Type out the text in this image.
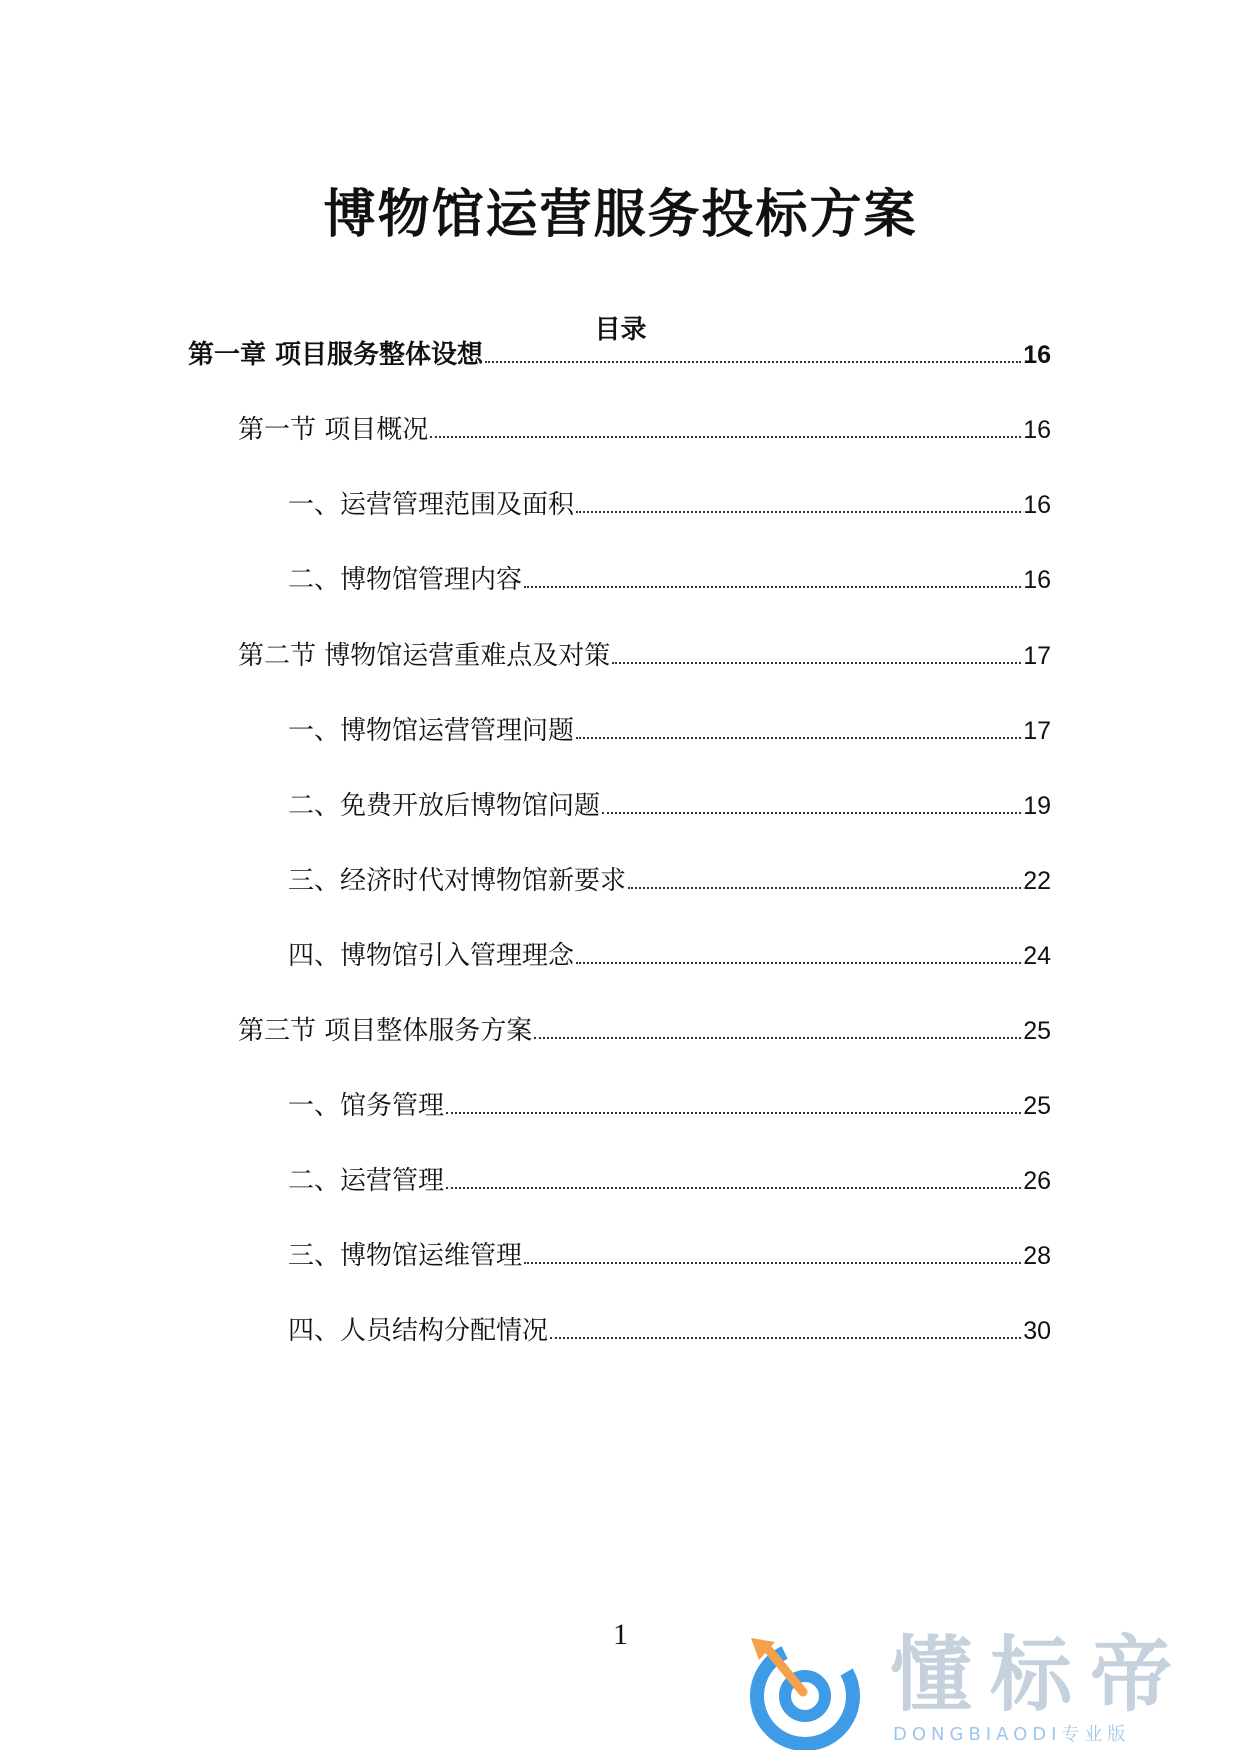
博物馆运营服务投标方案
目录
第一章 项目服务整体设想	16
第一节 项目概况	16
一、运营管理范围及面积	16
二、博物馆管理内容	16
第二节 博物馆运营重难点及对策	17
一、博物馆运营管理问题	17
二、免费开放后博物馆问题	19
三、经济时代对博物馆新要求	22
四、博物馆引入管理理念	24
第三节 项目整体服务方案	25
一、馆务管理	25
二、运营管理	26
三、博物馆运维管理	28
四、人员结构分配情况	30
1	懂标帝
DONGBIAODI专业版
